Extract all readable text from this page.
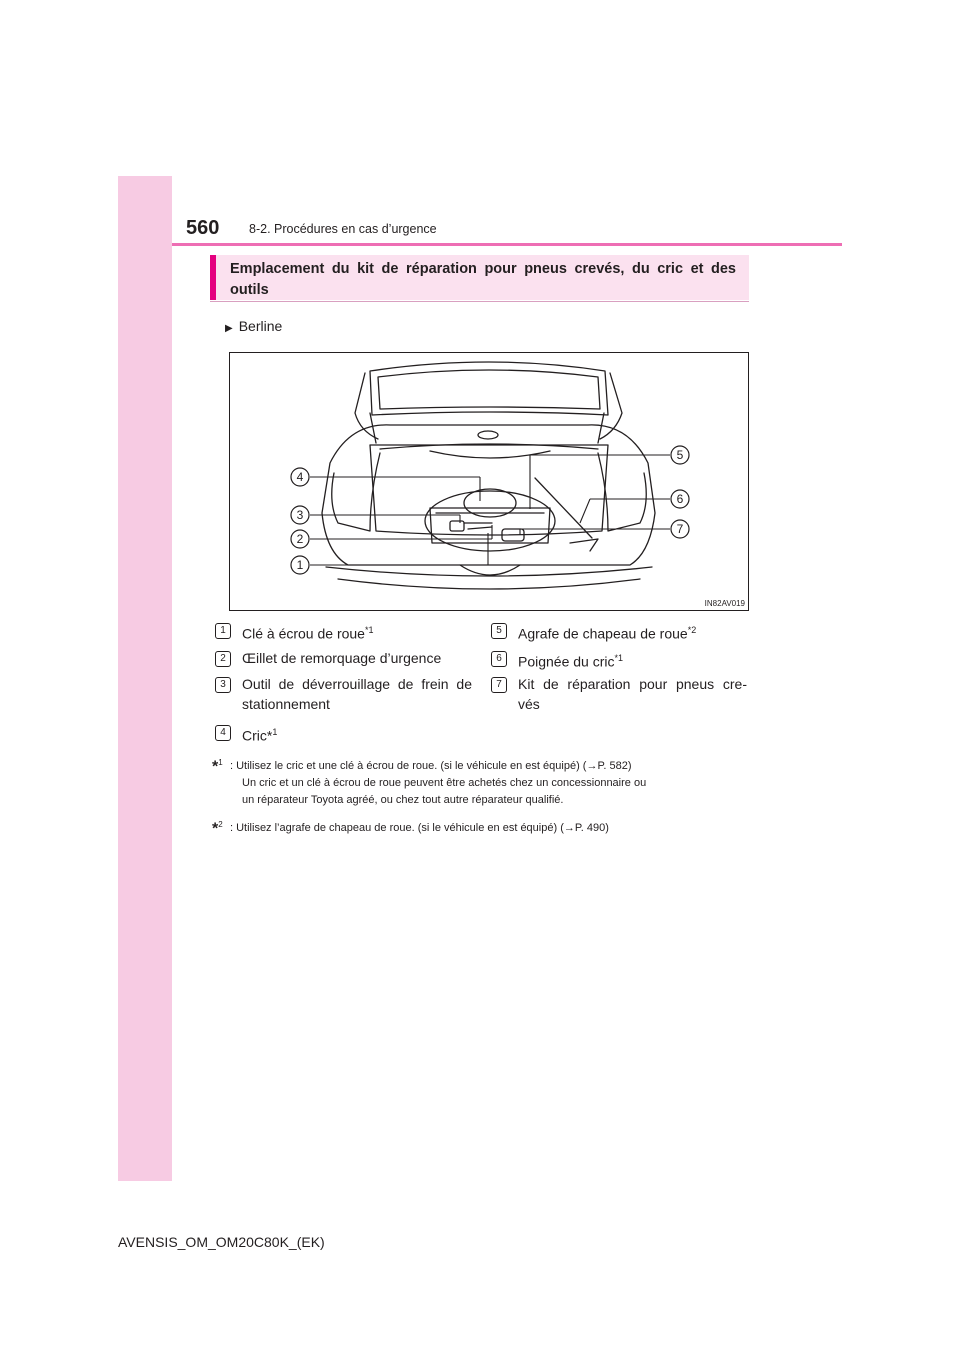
560 8-2. Procédures en cas d’urgence
Emplacement du kit de réparation pour pneus crevés, du cric et des outils
▶ Berline
1
2
3
4
5
6
7
IN82AV019
1	Clé à écrou de roue$^{*1}$
2	Œillet de remorquage d’urgence
3	Outil de déverrouillage de frein de
stationnement
4	Cric*$^1$
5	Agrafe de chapeau de roue$^{*2}$
6	Poignée du cric$^{*1}$
7	Kit de réparation pour pneus cre-
vés
*$^1$ : Utilisez le cric et une clé à écrou de roue. (si le véhicule en est équipé) (→P. 582)
Un cric et un clé à écrou de roue peuvent être achetés chez un concessionnaire ou
un réparateur Toyota agréé, ou chez tout autre réparateur qualifié.
*$^2$ : Utilisez l’agrafe de chapeau de roue. (si le véhicule en est équipé) (→P. 490)
AVENSIS_OM_OM20C80K_(EK)
